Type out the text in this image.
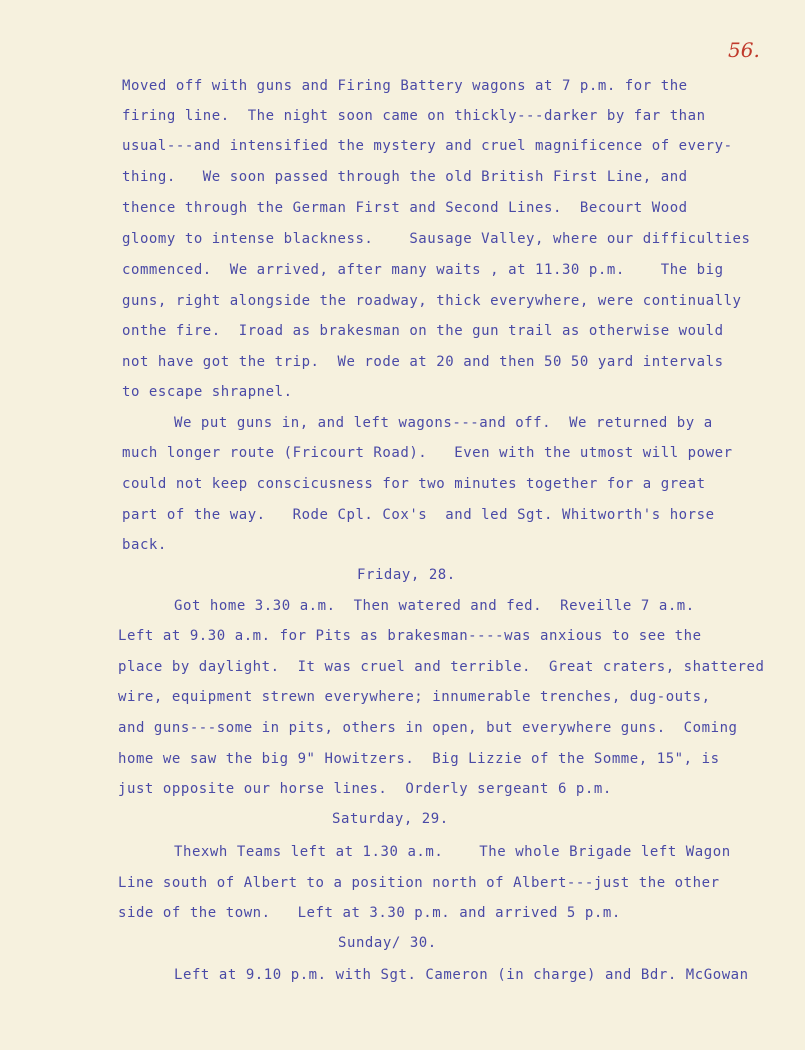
56.
Moved off with guns and Firing Battery wagons at 7 p.m. for the
firing line.  The night soon came on thickly---darker by far than
usual---and intensified the mystery and cruel magnificence of every-
thing.   We soon passed through the old British First Line, and
thence through the German First and Second Lines.  Becourt Wood
gloomy to intense blackness.    Sausage Valley, where our difficulties
commenced.  We arrived, after many waits , at 11.30 p.m.    The big
guns, right alongside the roadway, thick everywhere, were continually
onthe fire.  Iroad as brakesman on the gun trail as otherwise would
not have got the trip.  We rode at 20 and then 50 50 yard intervals
to escape shrapnel.
We put guns in, and left wagons---and off.  We returned by a
much longer route (Fricourt Road).   Even with the utmost will power
could not keep conscicusness for two minutes together for a great
part of the way.   Rode Cpl. Cox's  and led Sgt. Whitworth's horse
back.
Friday, 28.
Got home 3.30 a.m.  Then watered and fed.  Reveille 7 a.m.
Left at 9.30 a.m. for Pits as brakesman----was anxious to see the
place by daylight.  It was cruel and terrible.  Great craters, shattered
wire, equipment strewn everywhere; innumerable trenches, dug-outs,
and guns---some in pits, others in open, but everywhere guns.  Coming
home we saw the big 9" Howitzers.  Big Lizzie of the Somme, 15", is
just opposite our horse lines.  Orderly sergeant 6 p.m.
Saturday, 29.
Thexwh Teams left at 1.30 a.m.    The whole Brigade left Wagon
Line south of Albert to a position north of Albert---just the other
side of the town.   Left at 3.30 p.m. and arrived 5 p.m.
Sunday/ 30.
Left at 9.10 p.m. with Sgt. Cameron (in charge) and Bdr. McGowan
